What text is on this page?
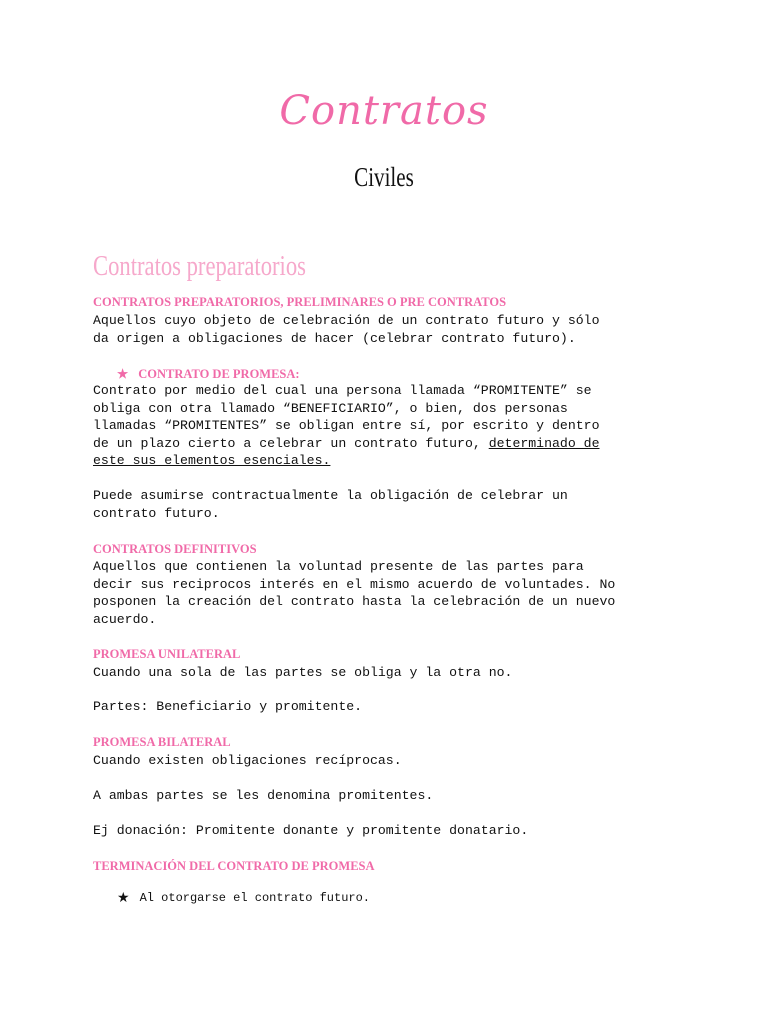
Contratos
Civiles
Contratos preparatorios
CONTRATOS PREPARATORIOS, PRELIMINARES O PRE CONTRATOS
Aquellos cuyo objeto de celebración de un contrato futuro y sólo
da origen a obligaciones de hacer (celebrar contrato futuro).
★ CONTRATO DE PROMESA:
Contrato por medio del cual una persona llamada “PROMITENTE” se
obliga con otra llamado “BENEFICIARIO”, o bien, dos personas
llamadas “PROMITENTES” se obligan entre sí, por escrito y dentro
de un plazo cierto a celebrar un contrato futuro, determinado de
este sus elementos esenciales.
Puede asumirse contractualmente la obligación de celebrar un
contrato futuro.
CONTRATOS DEFINITIVOS
Aquellos que contienen la voluntad presente de las partes para
decir sus reciprocos interés en el mismo acuerdo de voluntades. No
posponen la creación del contrato hasta la celebración de un nuevo
acuerdo.
PROMESA UNILATERAL
Cuando una sola de las partes se obliga y la otra no.
Partes: Beneficiario y promitente.
PROMESA BILATERAL
Cuando existen obligaciones recíprocas.
A ambas partes se les denomina promitentes.
Ej donación: Promitente donante y promitente donatario.
TERMINACIÓN DEL CONTRATO DE PROMESA
★ Al otorgarse el contrato futuro.
